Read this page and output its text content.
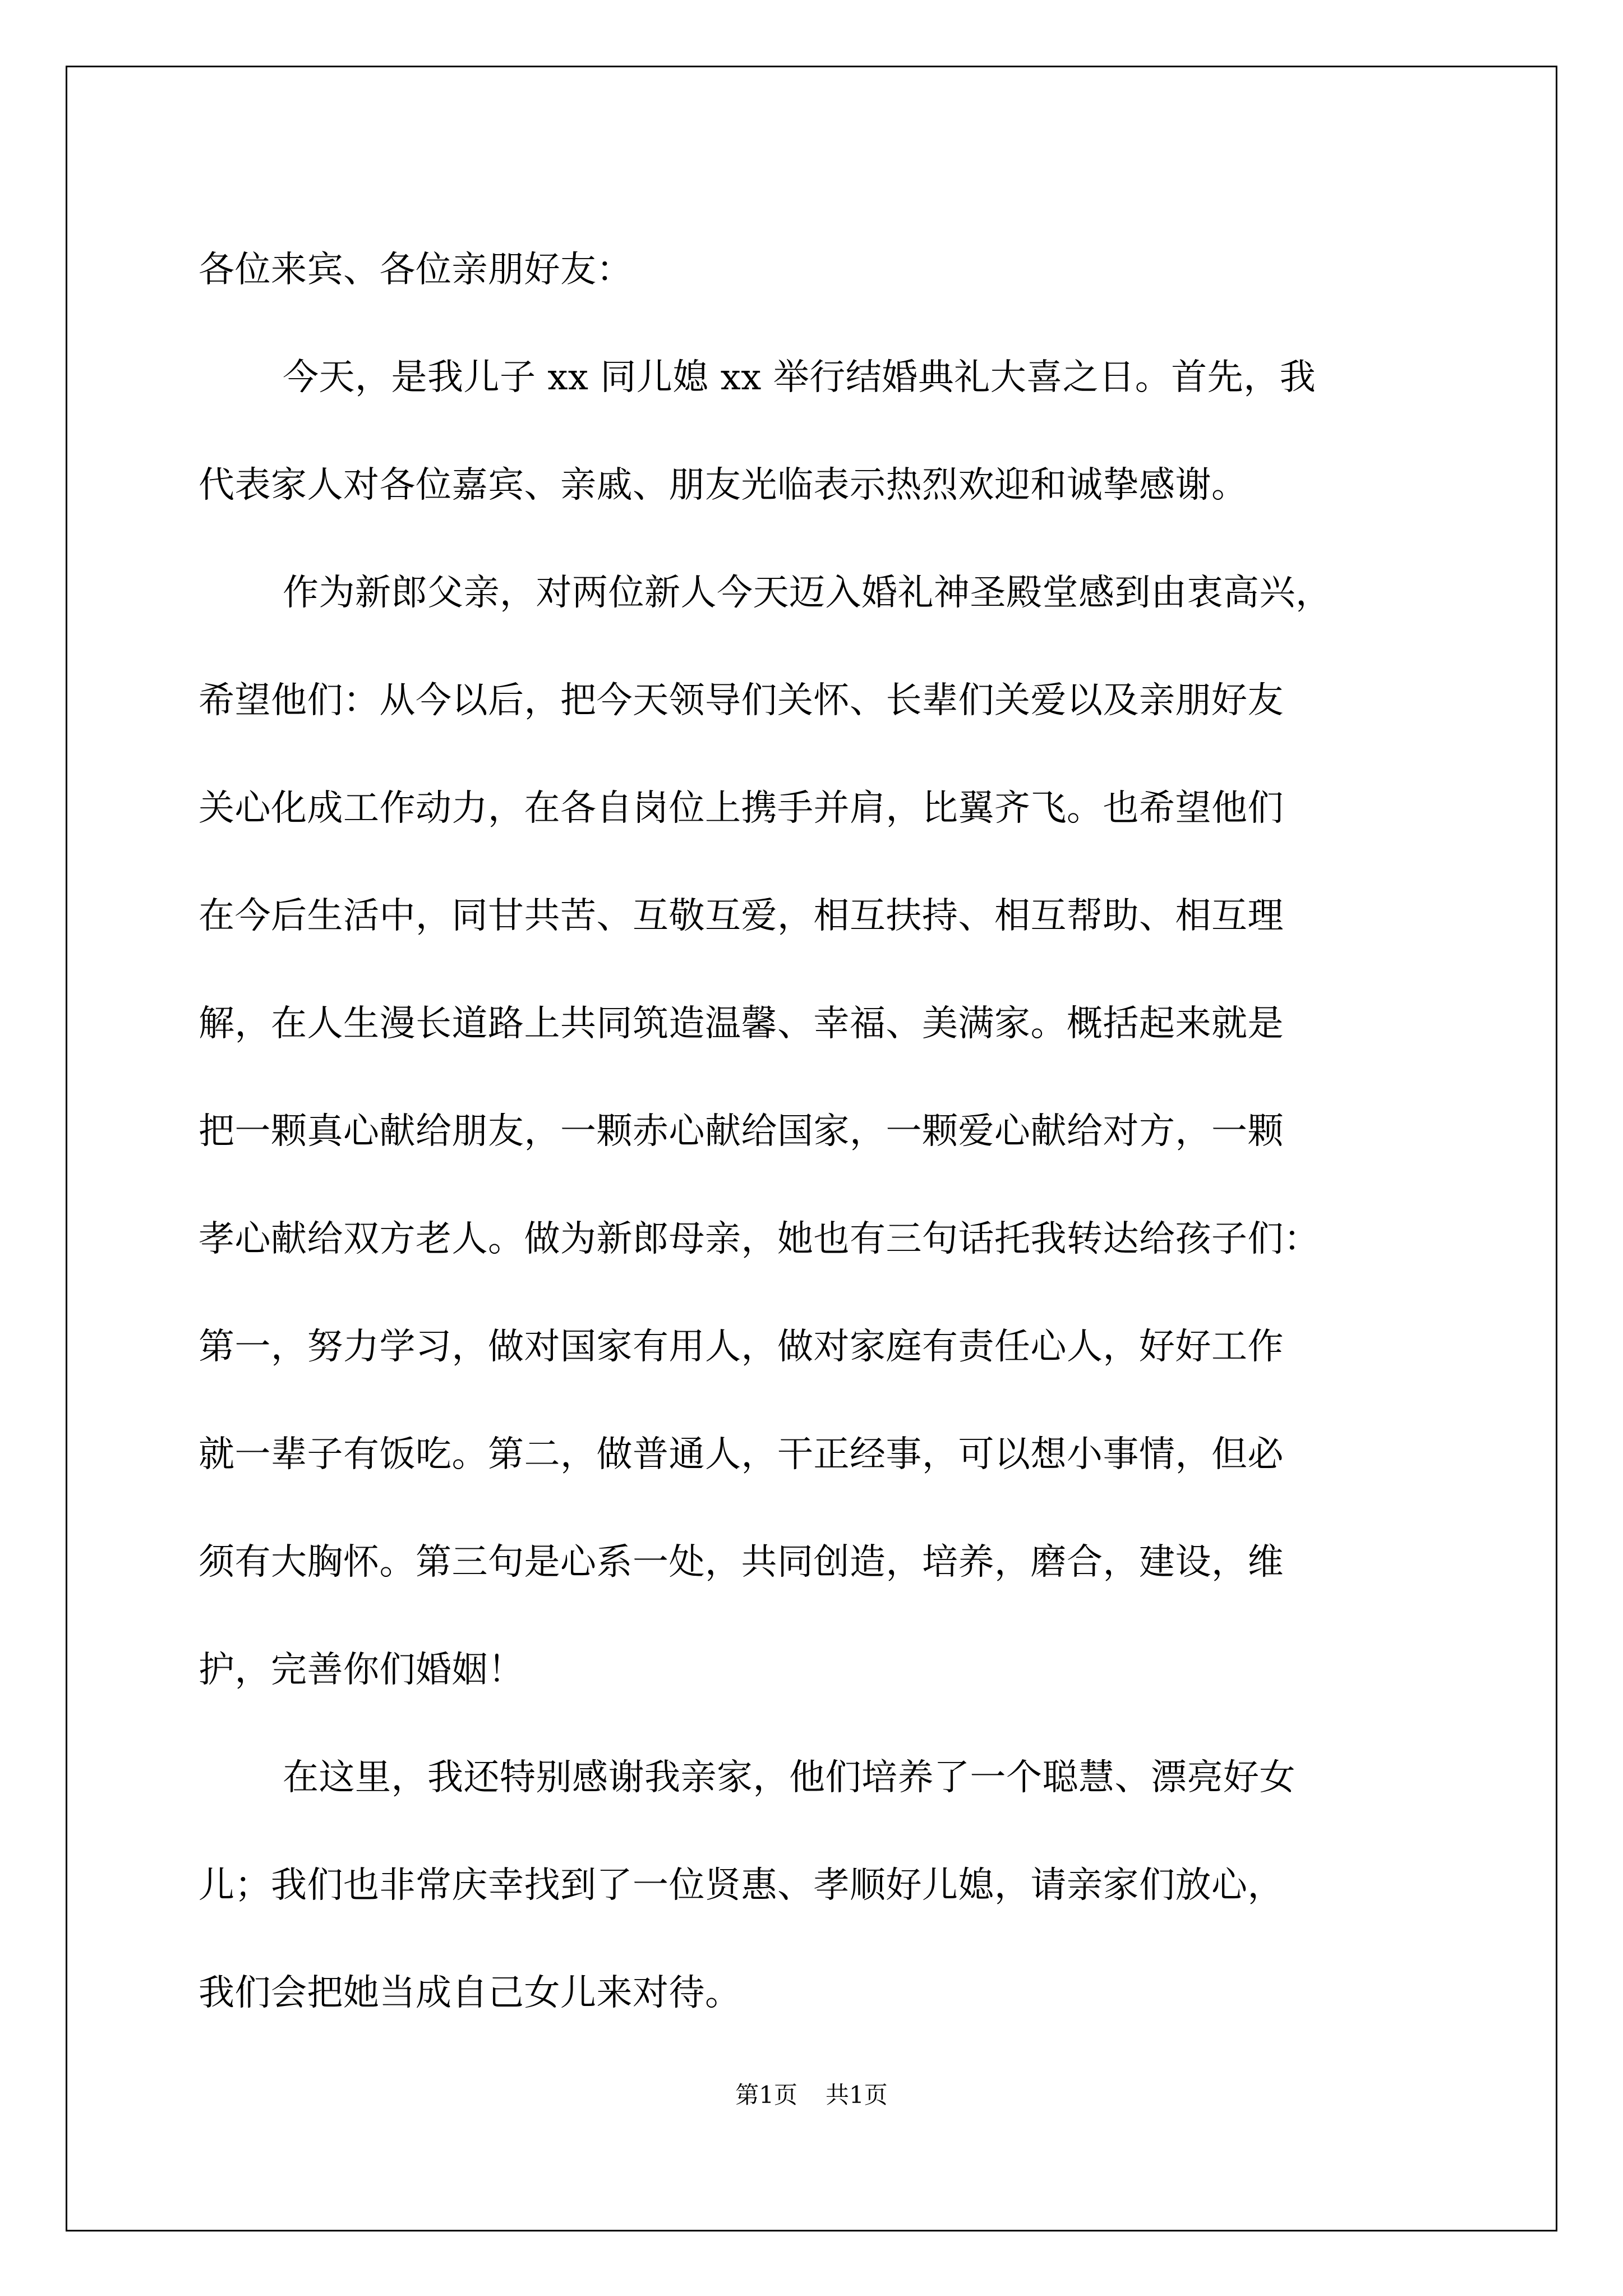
各位来宾、各位亲朋好友：
今天，是我儿子 xx 同儿媳 xx 举行结婚典礼大喜之日。首先，我
代表家人对各位嘉宾、亲戚、朋友光临表示热烈欢迎和诚挚感谢。
作为新郎父亲，对两位新人今天迈入婚礼神圣殿堂感到由衷高兴，
希望他们：从今以后，把今天领导们关怀、长辈们关爱以及亲朋好友
关心化成工作动力，在各自岗位上携手并肩，比翼齐飞。也希望他们
在今后生活中，同甘共苦、互敬互爱，相互扶持、相互帮助、相互理
解，在人生漫长道路上共同筑造温馨、幸福、美满家。概括起来就是
把一颗真心献给朋友，一颗赤心献给国家，一颗爱心献给对方，一颗
孝心献给双方老人。做为新郎母亲，她也有三句话托我转达给孩子们：
第一，努力学习，做对国家有用人，做对家庭有责任心人，好好工作
就一辈子有饭吃。第二，做普通人，干正经事，可以想小事情，但必
须有大胸怀。第三句是心系一处，共同创造，培养，磨合，建设，维
护，完善你们婚姻！
在这里，我还特别感谢我亲家，他们培养了一个聪慧、漂亮好女
儿；我们也非常庆幸找到了一位贤惠、孝顺好儿媳，请亲家们放心，
我们会把她当成自己女儿来对待。
第1页 共1页
